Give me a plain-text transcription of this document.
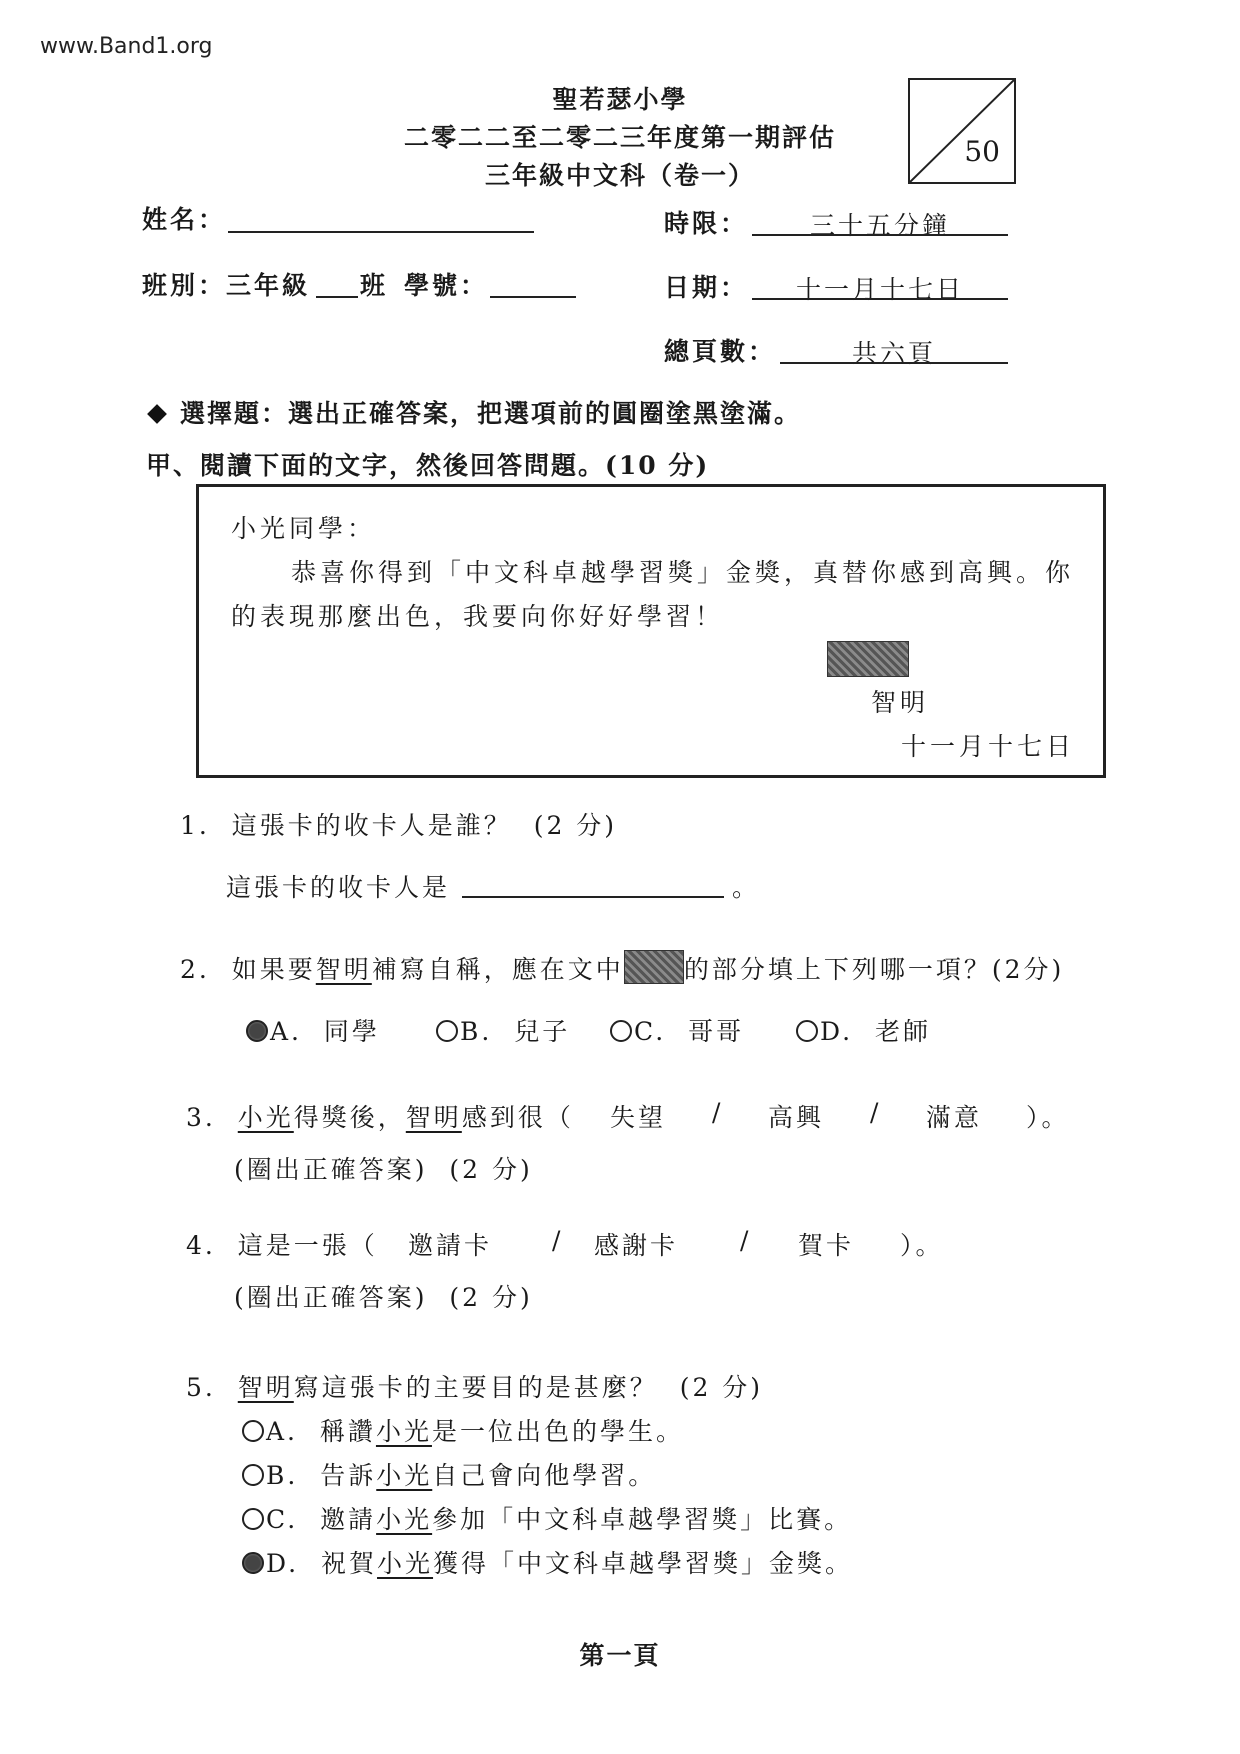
www.Band1.org
聖若瑟小學
二零二二至二零二三年度第一期評估
三年級中文科（卷一）
50
姓名：	時限：	三十五分鐘
班別：三年級 班 學號：	日期：	十一月十七日
總頁數：	共六頁
選擇題：選出正確答案，把選項前的圓圈塗黑塗滿。
甲、閱讀下面的文字，然後回答問題。(10 分)
小光同學：
恭喜你得到「中文科卓越學習獎」金獎，真替你感到高興。你
的表現那麼出色，我要向你好好學習！
智明
十一月十七日
1. 這張卡的收卡人是誰？ (2 分)
這張卡的收卡人是	。
2. 如果要智明補寫自稱，應在文中 的部分填上下列哪一項？(2分)
A. 同學	B. 兒子	C. 哥哥	D. 老師
3. 小光得獎後，智明感到很（ 失望 / 高興 / 滿意 ）。
(圈出正確答案) (2 分)
4. 這是一張（ 邀請卡 / 感謝卡 / 賀卡 ）。
(圈出正確答案) (2 分)
5. 智明寫這張卡的主要目的是甚麼？ (2 分)
A. 稱讚小光是一位出色的學生。
B. 告訴小光自己會向他學習。
C. 邀請小光參加「中文科卓越學習獎」比賽。
D. 祝賀小光獲得「中文科卓越學習獎」金獎。
第一頁
